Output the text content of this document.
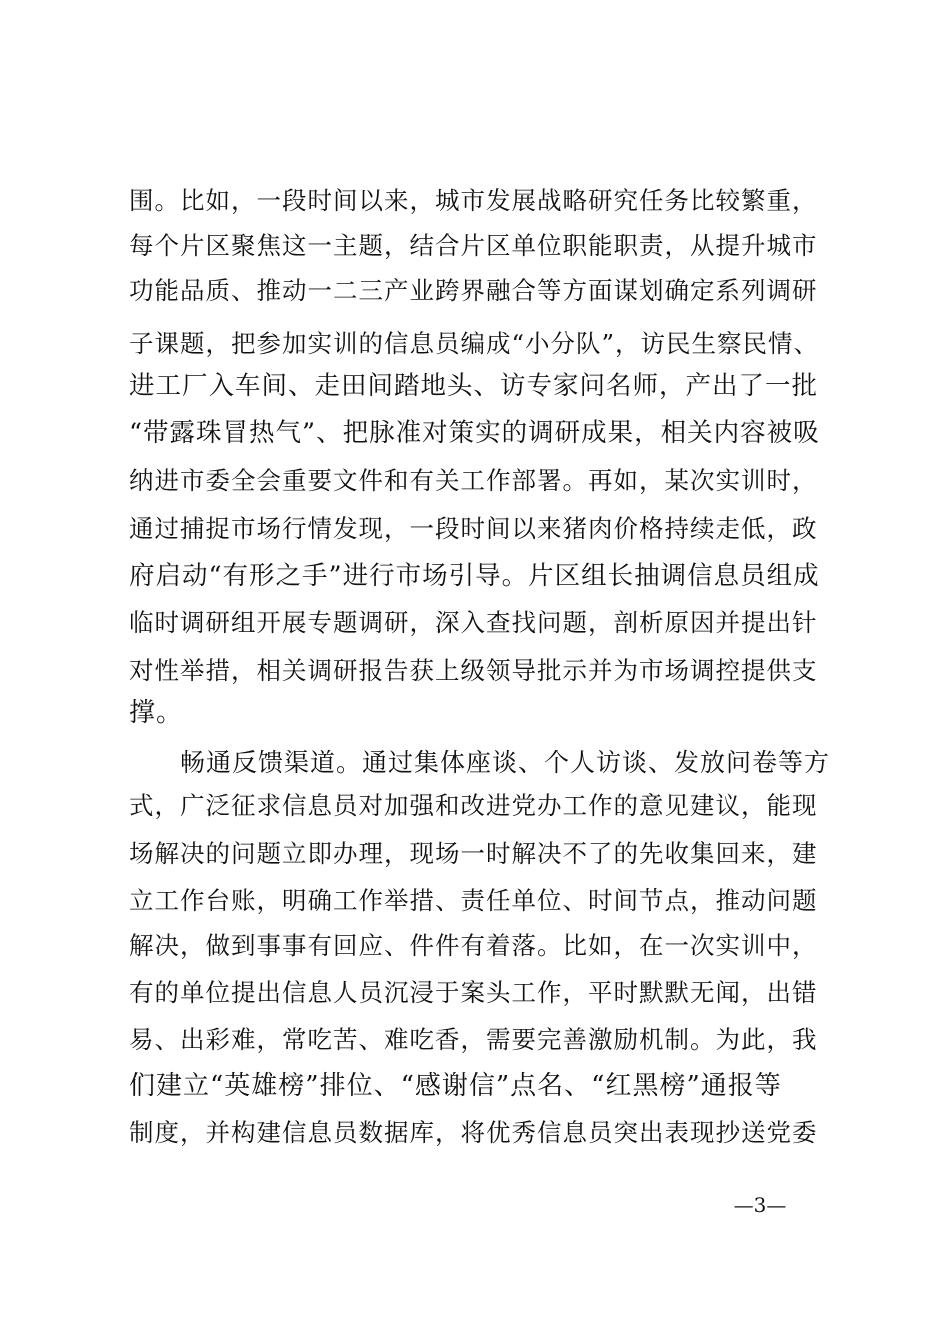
围。比如，一段时间以来，城市发展战略研究任务比较繁重，
每个片区聚焦这一主题，结合片区单位职能职责，从提升城市
功能品质、推动一二三产业跨界融合等方面谋划确定系列调研
子课题，把参加实训的信息员编成“小分队”，访民生察民情、
进工厂入车间、走田间踏地头、访专家问名师，产出了一批
“带露珠冒热气”、把脉准对策实的调研成果，相关内容被吸
纳进市委全会重要文件和有关工作部署。再如，某次实训时，
通过捕捉市场行情发现，一段时间以来猪肉价格持续走低，政
府启动“有形之手”进行市场引导。片区组长抽调信息员组成
临时调研组开展专题调研，深入查找问题，剖析原因并提出针
对性举措，相关调研报告获上级领导批示并为市场调控提供支
撑。
畅通反馈渠道。通过集体座谈、个人访谈、发放问卷等方
式，广泛征求信息员对加强和改进党办工作的意见建议，能现
场解决的问题立即办理，现场一时解决不了的先收集回来，建
立工作台账，明确工作举措、责任单位、时间节点，推动问题
解决，做到事事有回应、件件有着落。比如，在一次实训中，
有的单位提出信息人员沉浸于案头工作，平时默默无闻，出错
易、出彩难，常吃苦、难吃香，需要完善激励机制。为此，我
们建立“英雄榜”排位、“感谢信”点名、“红黑榜”通报等
制度，并构建信息员数据库，将优秀信息员突出表现抄送党委
—3—
